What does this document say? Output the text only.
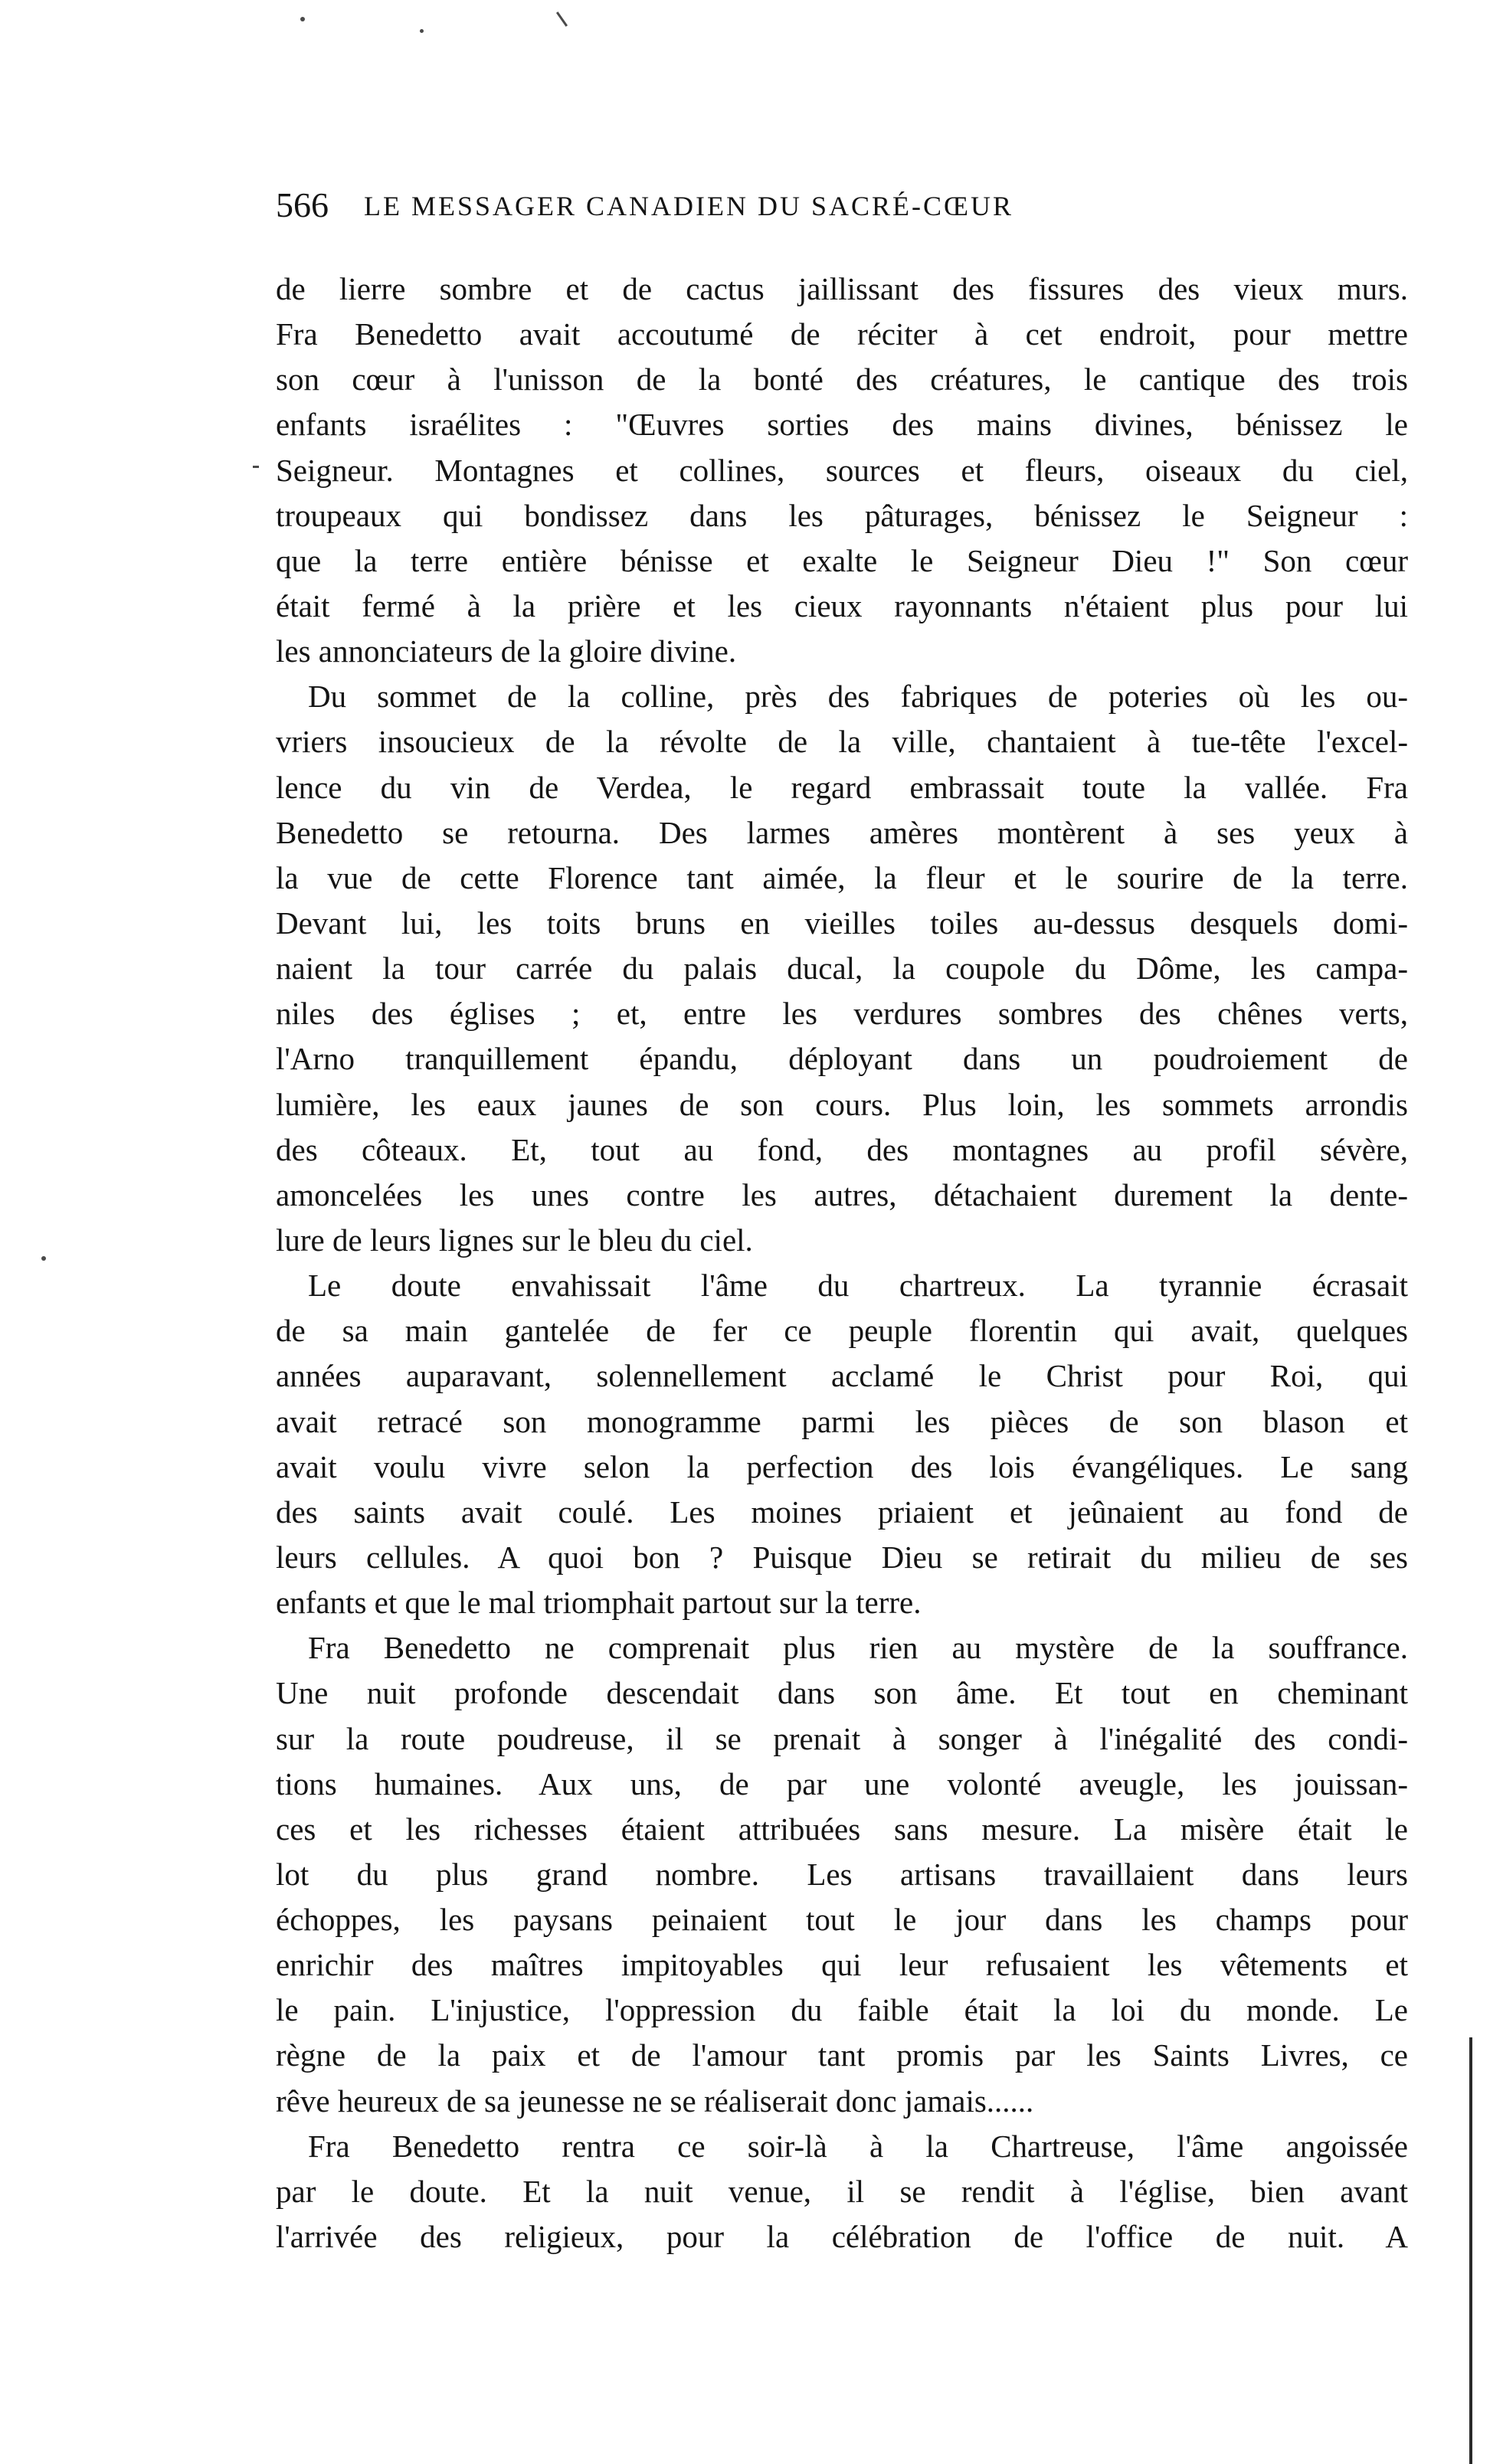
566 LE MESSAGER CANADIEN DU SACRÉ-CŒUR
de lierre sombre et de cactus jaillissant des fissures des vieux murs.
Fra Benedetto avait accoutumé de réciter à cet endroit, pour mettre
son cœur à l'unisson de la bonté des créatures, le cantique des trois
enfants israélites : "Œuvres sorties des mains divines, bénissez le
Seigneur. Montagnes et collines, sources et fleurs, oiseaux du ciel,
troupeaux qui bondissez dans les pâturages, bénissez le Seigneur :
que la terre entière bénisse et exalte le Seigneur Dieu !" Son cœur
était fermé à la prière et les cieux rayonnants n'étaient plus pour lui
les annonciateurs de la gloire divine.
Du sommet de la colline, près des fabriques de poteries où les ou-
vriers insoucieux de la révolte de la ville, chantaient à tue-tête l'excel-
lence du vin de Verdea, le regard embrassait toute la vallée. Fra
Benedetto se retourna. Des larmes amères montèrent à ses yeux à
la vue de cette Florence tant aimée, la fleur et le sourire de la terre.
Devant lui, les toits bruns en vieilles toiles au-dessus desquels domi-
naient la tour carrée du palais ducal, la coupole du Dôme, les campa-
niles des églises ; et, entre les verdures sombres des chênes verts,
l'Arno tranquillement épandu, déployant dans un poudroiement de
lumière, les eaux jaunes de son cours. Plus loin, les sommets arrondis
des côteaux. Et, tout au fond, des montagnes au profil sévère,
amoncelées les unes contre les autres, détachaient durement la dente-
lure de leurs lignes sur le bleu du ciel.
Le doute envahissait l'âme du chartreux. La tyrannie écrasait
de sa main gantelée de fer ce peuple florentin qui avait, quelques
années auparavant, solennellement acclamé le Christ pour Roi, qui
avait retracé son monogramme parmi les pièces de son blason et
avait voulu vivre selon la perfection des lois évangéliques. Le sang
des saints avait coulé. Les moines priaient et jeûnaient au fond de
leurs cellules. A quoi bon ? Puisque Dieu se retirait du milieu de ses
enfants et que le mal triomphait partout sur la terre.
Fra Benedetto ne comprenait plus rien au mystère de la souffrance.
Une nuit profonde descendait dans son âme. Et tout en cheminant
sur la route poudreuse, il se prenait à songer à l'inégalité des condi-
tions humaines. Aux uns, de par une volonté aveugle, les jouissan-
ces et les richesses étaient attribuées sans mesure. La misère était le
lot du plus grand nombre. Les artisans travaillaient dans leurs
échoppes, les paysans peinaient tout le jour dans les champs pour
enrichir des maîtres impitoyables qui leur refusaient les vêtements et
le pain. L'injustice, l'oppression du faible était la loi du monde. Le
règne de la paix et de l'amour tant promis par les Saints Livres, ce
rêve heureux de sa jeunesse ne se réaliserait donc jamais......
Fra Benedetto rentra ce soir-là à la Chartreuse, l'âme angoissée
par le doute. Et la nuit venue, il se rendit à l'église, bien avant
l'arrivée des religieux, pour la célébration de l'office de nuit. A
